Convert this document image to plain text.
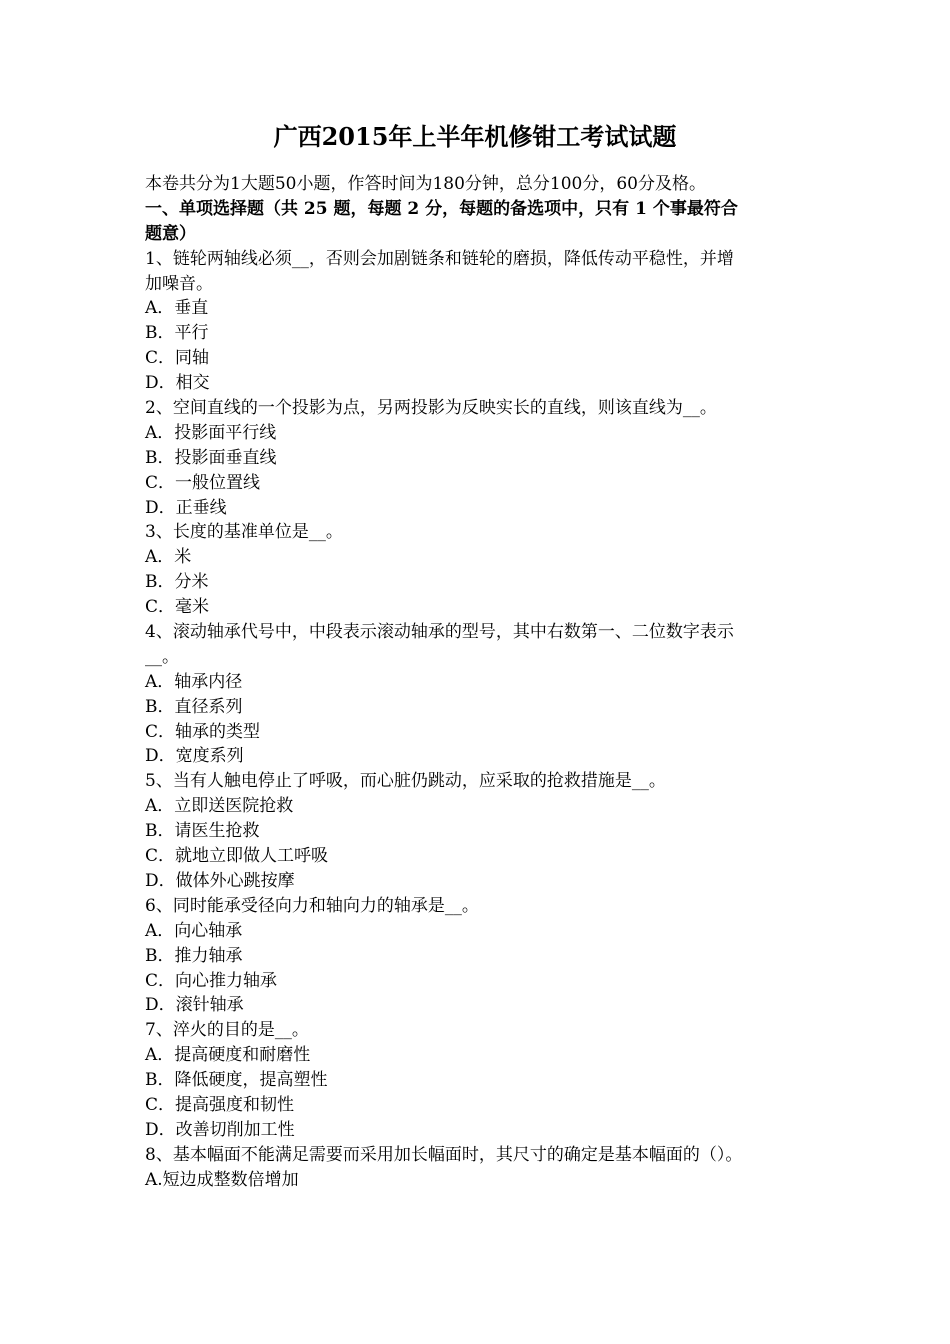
广西2015年上半年机修钳工考试试题
本卷共分为1大题50小题，作答时间为180分钟，总分100分，60分及格。
一、单项选择题（共 25 题，每题 2 分，每题的备选项中，只有 1 个事最符合
题意）
1、链轮两轴线必须__，否则会加剧链条和链轮的磨损，降低传动平稳性，并增
加噪音。
A．垂直
B．平行
C．同轴
D．相交
2、空间直线的一个投影为点，另两投影为反映实长的直线，则该直线为__。
A．投影面平行线
B．投影面垂直线
C．一般位置线
D．正垂线
3、长度的基准单位是__。
A．米
B．分米
C．毫米
4、滚动轴承代号中，中段表示滚动轴承的型号，其中右数第一、二位数字表示
__。
A．轴承内径
B．直径系列
C．轴承的类型
D．宽度系列
5、当有人触电停止了呼吸，而心脏仍跳动，应采取的抢救措施是__。
A．立即送医院抢救
B．请医生抢救
C．就地立即做人工呼吸
D．做体外心跳按摩
6、同时能承受径向力和轴向力的轴承是__。
A．向心轴承
B．推力轴承
C．向心推力轴承
D．滚针轴承
7、淬火的目的是__。
A．提高硬度和耐磨性
B．降低硬度，提高塑性
C．提高强度和韧性
D．改善切削加工性
8、基本幅面不能满足需要而采用加长幅面时，其尺寸的确定是基本幅面的（）。
A.短边成整数倍增加
